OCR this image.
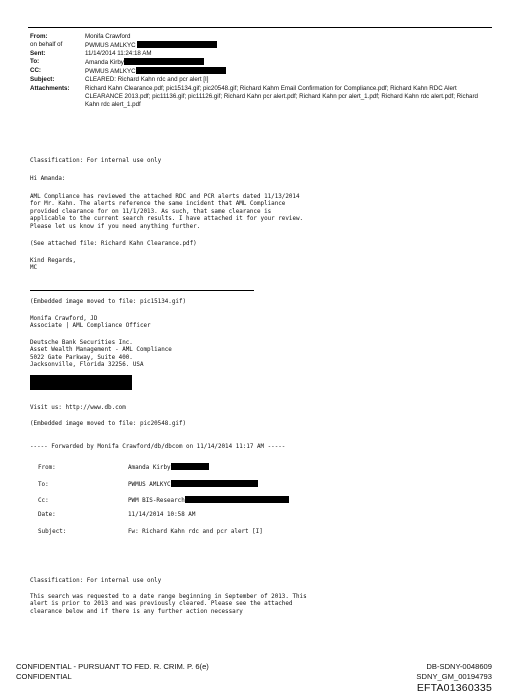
From:	Monifa Crawford
on behalf of	PWMUS AMLKYC
Sent:	11/14/2014 11:24:18 AM
To:	Amanda Kirby
CC:	PWMUS AMLKYC
Subject:	CLEARED: Richard Kahn rdc and pcr alert [I]
Attachments:	Richard Kahn Clearance.pdf; pic15134.gif; pic20548.gif; Richard Kahm Email Confirmation for Compliance.pdf; Richard Kahn RDC Alert CLEARANCE 2013.pdf; pic11136.gif; pic11126.gif; Richard Kahn pcr alert.pdf; Richard Kahn pcr alert_1.pdf; Richard Kahn rdc alert.pdf; Richard Kahn rdc alert_1.pdf
Classification: For internal use only
Hi Amanda:
AML Compliance has reviewed the attached RDC and PCR alerts dated 11/13/2014
for Mr. Kahn. The alerts reference the same incident that AML Compliance
provided clearance for on 11/1/2013. As such, that same clearance is
applicable to the current search results. I have attached it for your review.
Please let us know if you need anything further.
(See attached file: Richard Kahn Clearance.pdf)
Kind Regards,
MC
(Embedded image moved to file: pic15134.gif)
Monifa Crawford, JD
Associate | AML Compliance Officer
Deutsche Bank Securities Inc.
Asset Wealth Management - AML Compliance
5022 Gate Parkway, Suite 400.
Jacksonville, Florida 32256. USA
Visit us: http://www.db.com
(Embedded image moved to file: pic20548.gif)
----- Forwarded by Monifa Crawford/db/dbcom on 11/14/2014 11:17 AM -----
From:	Amanda Kirby
To:	PWMUS AMLKYC
Cc:	PWM BIS-Research
Date:	11/14/2014 10:58 AM
Subject:	Fw: Richard Kahn rdc and pcr alert [I]
Classification: For internal use only
This search was requested to a date range beginning in September of 2013. This
alert is prior to 2013 and was previously cleared. Please see the attached
clearance below and if there is any further action necessary
CONFIDENTIAL - PURSUANT TO FED. R. CRIM. P. 6(e)
CONFIDENTIAL
DB-SDNY-0048609
SDNY_GM_00194793
EFTA01360335
